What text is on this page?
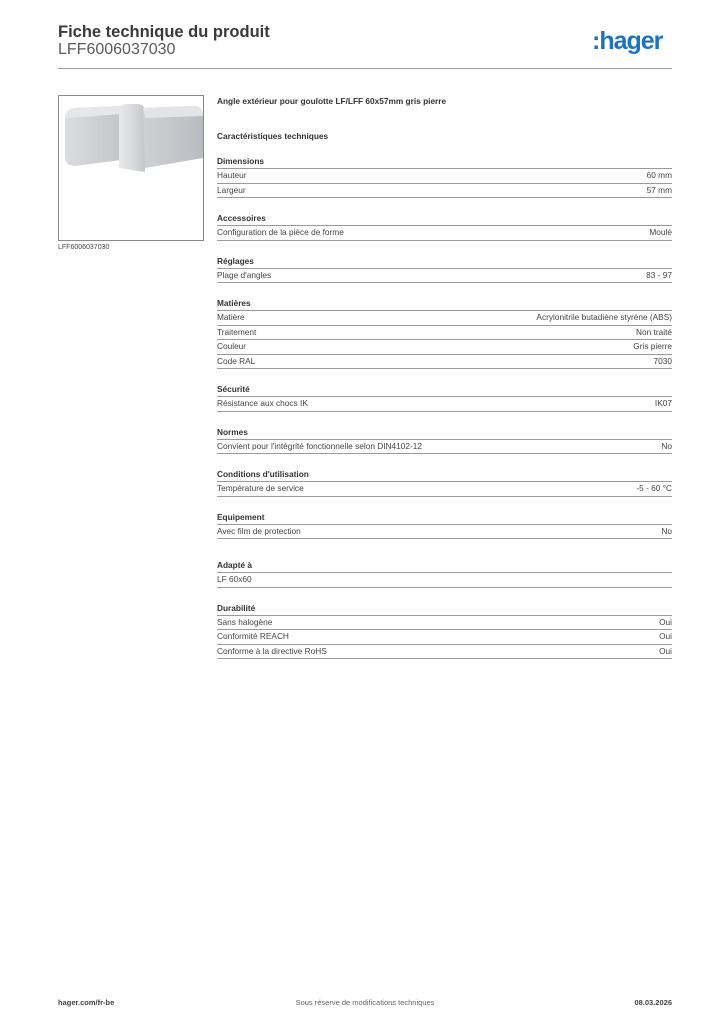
Fiche technique du produit
LFF6006037030	:hager
LFF6006037030
Angle extérieur pour goulotte LF/LFF 60x57mm gris pierre
Caractéristiques techniques
Dimensions
Hauteur	60 mm
Largeur	57 mm
Accessoires
Configuration de la pièce de forme	Moulé
Réglages
Plage d'angles	83 - 97
Matières
Matière	Acrylonitrile butadiène styrène (ABS)
Traitement	Non traité
Couleur	Gris pierre
Code RAL	7030
Sécurité
Résistance aux chocs IK	IK07
Normes
Convient pour l'intégrité fonctionnelle selon DIN4102-12	No
Conditions d'utilisation
Température de service	-5 - 60 °C
Equipement
Avec film de protection	No
Adapté à
LF 60x60
Durabilité
Sans halogène	Oui
Conformité REACH	Oui
Conforme à la directive RoHS	Oui
hager.com/fr-be	Sous réserve de modifications techniques	08.03.2026
